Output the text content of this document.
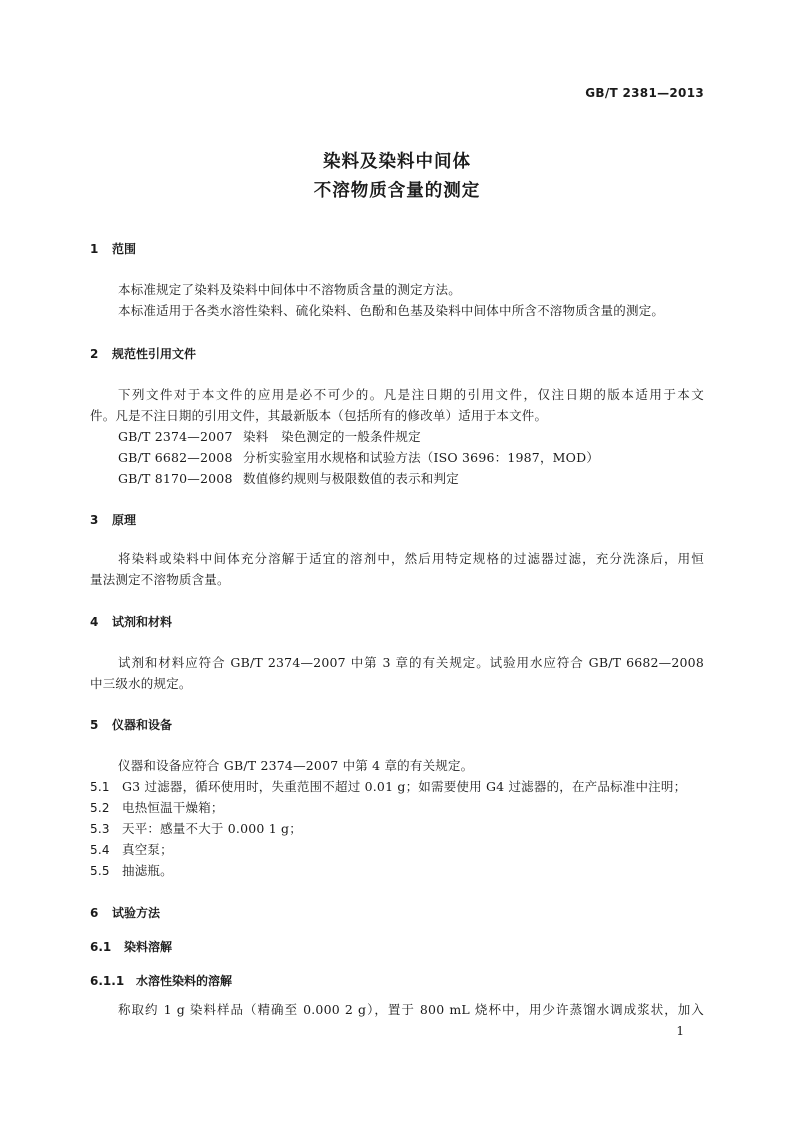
GB/T 2381—2013
染料及染料中间体
不溶物质含量的测定
1 范围
本标准规定了染料及染料中间体中不溶物质含量的测定方法。
本标准适用于各类水溶性染料、硫化染料、色酚和色基及染料中间体中所含不溶物质含量的测定。
2 规范性引用文件
下列文件对于本文件的应用是必不可少的。凡是注日期的引用文件，仅注日期的版本适用于本文
件。凡是不注日期的引用文件，其最新版本（包括所有的修改单）适用于本文件。
GB/T 2374—2007 染料　染色测定的一般条件规定
GB/T 6682—2008 分析实验室用水规格和试验方法（ISO 3696：1987，MOD）
GB/T 8170—2008 数值修约规则与极限数值的表示和判定
3 原理
将染料或染料中间体充分溶解于适宜的溶剂中，然后用特定规格的过滤器过滤，充分洗涤后，用恒
量法测定不溶物质含量。
4 试剂和材料
试剂和材料应符合 GB/T 2374—2007 中第 3 章的有关规定。试验用水应符合 GB/T 6682—2008
中三级水的规定。
5 仪器和设备
仪器和设备应符合 GB/T 2374—2007 中第 4 章的有关规定。
5.1 G3 过滤器，循环使用时，失重范围不超过 0.01 g；如需要使用 G4 过滤器的，在产品标准中注明；
5.2 电热恒温干燥箱；
5.3 天平：感量不大于 0.000 1 g；
5.4 真空泵；
5.5 抽滤瓶。
6 试验方法
6.1 染料溶解
6.1.1 水溶性染料的溶解
称取约 1 g 染料样品（精确至 0.000 2 g），置于 800 mL 烧杯中，用少许蒸馏水调成浆状，加入
1
